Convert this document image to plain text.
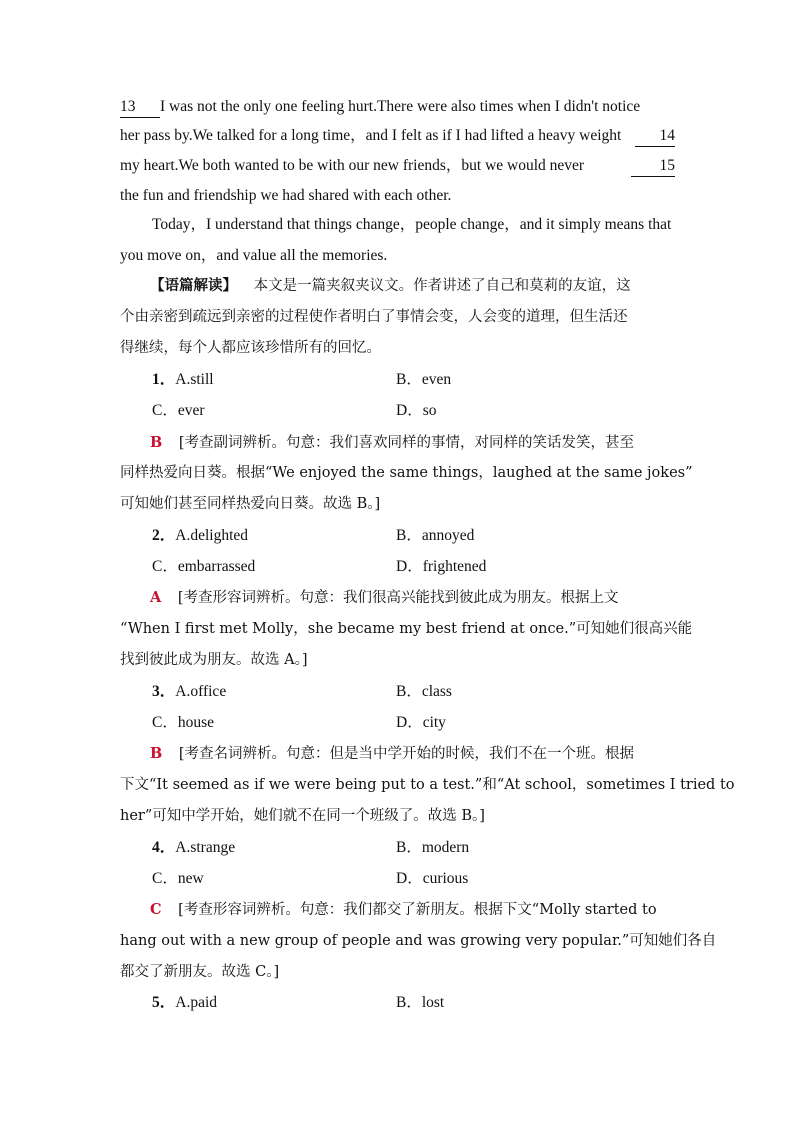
13 I was not the only one feeling hurt.There were also times when I didn't notice
her pass by.We talked for a long time，and I felt as if I had lifted a heavy weight	14
my heart.We both wanted to be with our new friends，but we would never	15
the fun and friendship we had shared with each other.
Today，I understand that things change，people change，and it simply means that
you move on，and value all the memories.
【语篇解读】 本文是一篇夹叙夹议文。作者讲述了自己和莫莉的友谊，这
个由亲密到疏远到亲密的过程使作者明白了事情会变，人会变的道理，但生活还
得继续，每个人都应该珍惜所有的回忆。
1．A.still	B．even
C．ever	D．so
B [考查副词辨析。句意：我们喜欢同样的事情，对同样的笑话发笑，甚至
同样热爱向日葵。根据“We enjoyed the same things，laughed at the same jokes”
可知她们甚至同样热爱向日葵。故选 B。]
2．A.delighted	B．annoyed
C．embarrassed	D．frightened
A [考查形容词辨析。句意：我们很高兴能找到彼此成为朋友。根据上文
“When I first met Molly，she became my best friend at once.”可知她们很高兴能
找到彼此成为朋友。故选 A。]
3．A.office	B．class
C．house	D．city
B [考查名词辨析。句意：但是当中学开始的时候，我们不在一个班。根据
下文“It seemed as if we were being put to a test.”和“At school，sometimes I tried to
her”可知中学开始，她们就不在同一个班级了。故选 B。]
4．A.strange	B．modern
C．new	D．curious
C [考查形容词辨析。句意：我们都交了新朋友。根据下文“Molly started to
hang out with a new group of people and was growing very popular.”可知她们各自
都交了新朋友。故选 C。]
5．A.paid	B．lost
